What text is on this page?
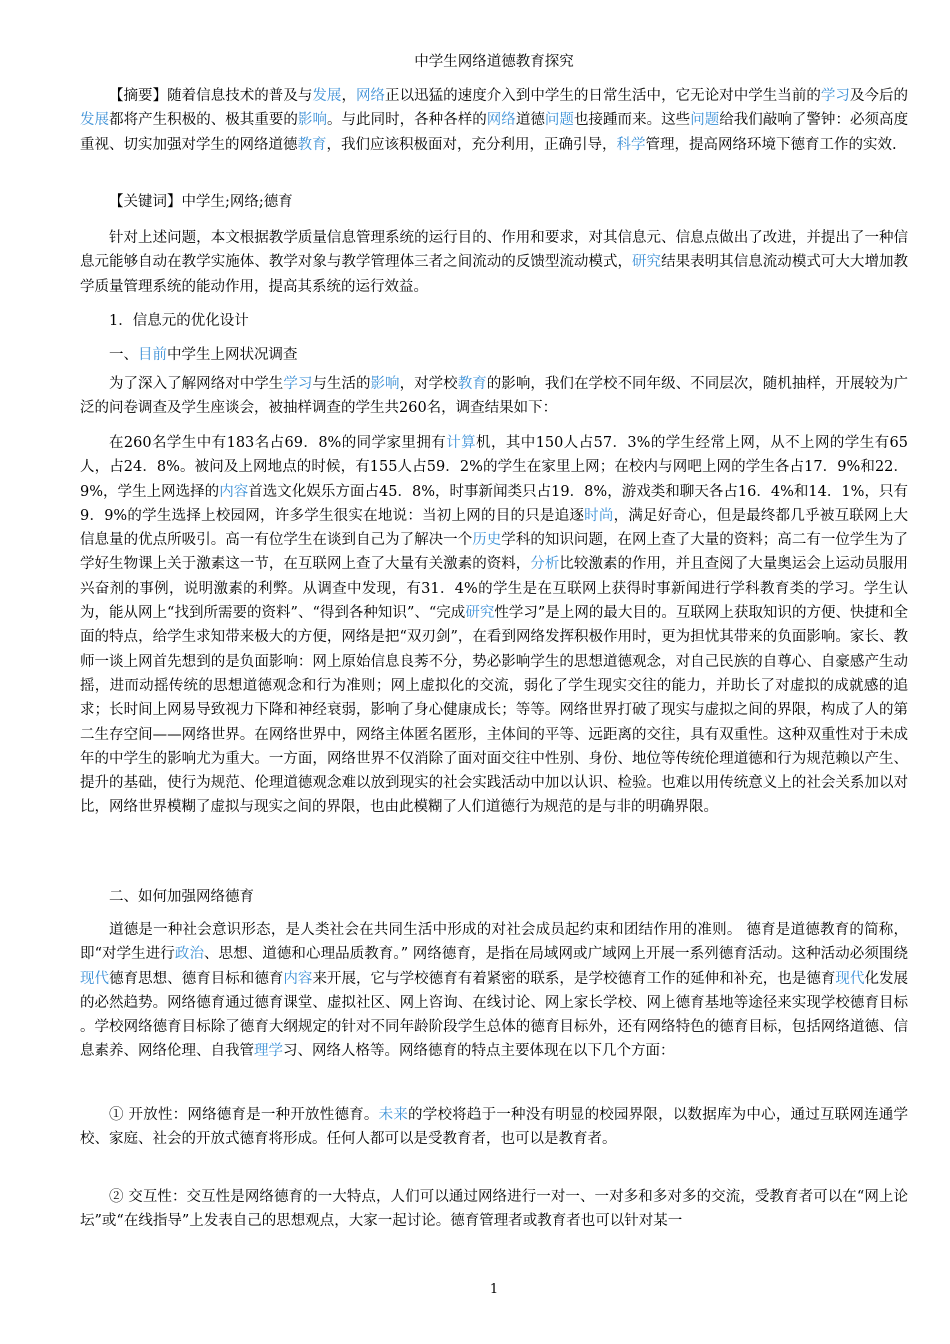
中学生网络道德教育探究

【摘要】随着信息技术的普及与发展，网络正以迅猛的速度介入到中学生的日常生活中，它无论对中学生当前的学习及今后的发展都将产生积极的、极其重要的影响。与此同时，各种各样的网络道德问题也接踵而来。这些问题给我们敲响了警钟：必须高度重视、切实加强对学生的网络道德教育，我们应该积极面对，充分利用，正确引导，科学管理，提高网络环境下德育工作的实效.

【关键词】中学生;网络;德育

针对上述问题，本文根据教学质量信息管理系统的运行目的、作用和要求，对其信息元、信息点做出了改进，并提出了一种信息元能够自动在教学实施体、教学对象与教学管理体三者之间流动的反馈型流动模式，研究结果表明其信息流动模式可大大增加教学质量管理系统的能动作用，提高其系统的运行效益。

1．信息元的优化设计

一、目前中学生上网状况调查

为了深入了解网络对中学生学习与生活的影响，对学校教育的影响，我们在学校不同年级、不同层次，随机抽样，开展较为广泛的问卷调查及学生座谈会，被抽样调查的学生共260名，调查结果如下：

在260名学生中有183名占69．8%的同学家里拥有计算机，其中150人占57．3%的学生经常上网，从不上网的学生有65人，占24．8%。被问及上网地点的时候，有155人占59．2%的学生在家里上网；在校内与网吧上网的学生各占17．9%和22．9%，学生上网选择的内容首选文化娱乐方面占45．8%，时事新闻类只占19．8%，游戏类和聊天各占16．4%和14．1%，只有9．9%的学生选择上校园网，许多学生很实在地说：当初上网的目的只是追逐时尚，满足好奇心，但是最终都几乎被互联网上大信息量的优点所吸引。高一有位学生在谈到自己为了解决一个历史学科的知识问题，在网上查了大量的资料；高二有一位学生为了学好生物课上关于激素这一节，在互联网上查了大量有关激素的资料，分析比较激素的作用，并且查阅了大量奥运会上运动员服用兴奋剂的事例，说明激素的利弊。从调查中发现，有31．4%的学生是在互联网上获得时事新闻进行学科教育类的学习。学生认为，能从网上“找到所需要的资料”、“得到各种知识”、“完成研究性学习”是上网的最大目的。互联网上获取知识的方便、快捷和全面的特点，给学生求知带来极大的方便，网络是把“双刃剑”，在看到网络发挥积极作用时，更为担忧其带来的负面影响。家长、教师一谈上网首先想到的是负面影响：网上原始信息良莠不分，势必影响学生的思想道德观念，对自己民族的自尊心、自豪感产生动摇，进而动摇传统的思想道德观念和行为准则；网上虚拟化的交流，弱化了学生现实交往的能力，并助长了对虚拟的成就感的追求；长时间上网易导致视力下降和神经衰弱，影响了身心健康成长；等等。网络世界打破了现实与虚拟之间的界限，构成了人的第二生存空间——网络世界。在网络世界中，网络主体匿名匿形，主体间的平等、远距离的交往，具有双重性。这种双重性对于未成年的中学生的影响尤为重大。一方面，网络世界不仅消除了面对面交往中性别、身份、地位等传统伦理道德和行为规范赖以产生、提升的基础，使行为规范、伦理道德观念难以放到现实的社会实践活动中加以认识、检验。也难以用传统意义上的社会关系加以对比，网络世界模糊了虚拟与现实之间的界限，也由此模糊了人们道德行为规范的是与非的明确界限。

二、如何加强网络德育

道德是一种社会意识形态，是人类社会在共同生活中形成的对社会成员起约束和团结作用的准则。 德育是道德教育的简称，即“对学生进行政治、思想、道德和心理品质教育。” 网络德育，是指在局域网或广域网上开展一系列德育活动。这种活动必须围绕现代德育思想、德育目标和德育内容来开展，它与学校德育有着紧密的联系，是学校德育工作的延伸和补充，也是德育现代化发展的必然趋势。网络德育通过德育课堂、虚拟社区、网上咨询、在线讨论、网上家长学校、网上德育基地等途径来实现学校德育目标 。学校网络德育目标除了德育大纲规定的针对不同年龄阶段学生总体的德育目标外，还有网络特色的德育目标，包括网络道德、信息素养、网络伦理、自我管理学习、网络人格等。网络德育的特点主要体现在以下几个方面：

① 开放性：网络德育是一种开放性德育。未来的学校将趋于一种没有明显的校园界限，以数据库为中心，通过互联网连通学校、家庭、社会的开放式德育将形成。任何人都可以是受教育者，也可以是教育者。

② 交互性：交互性是网络德育的一大特点，人们可以通过网络进行一对一、一对多和多对多的交流，受教育者可以在“网上论坛”或“在线指导”上发表自己的思想观点，大家一起讨论。德育管理者或教育者也可以针对某一

1
